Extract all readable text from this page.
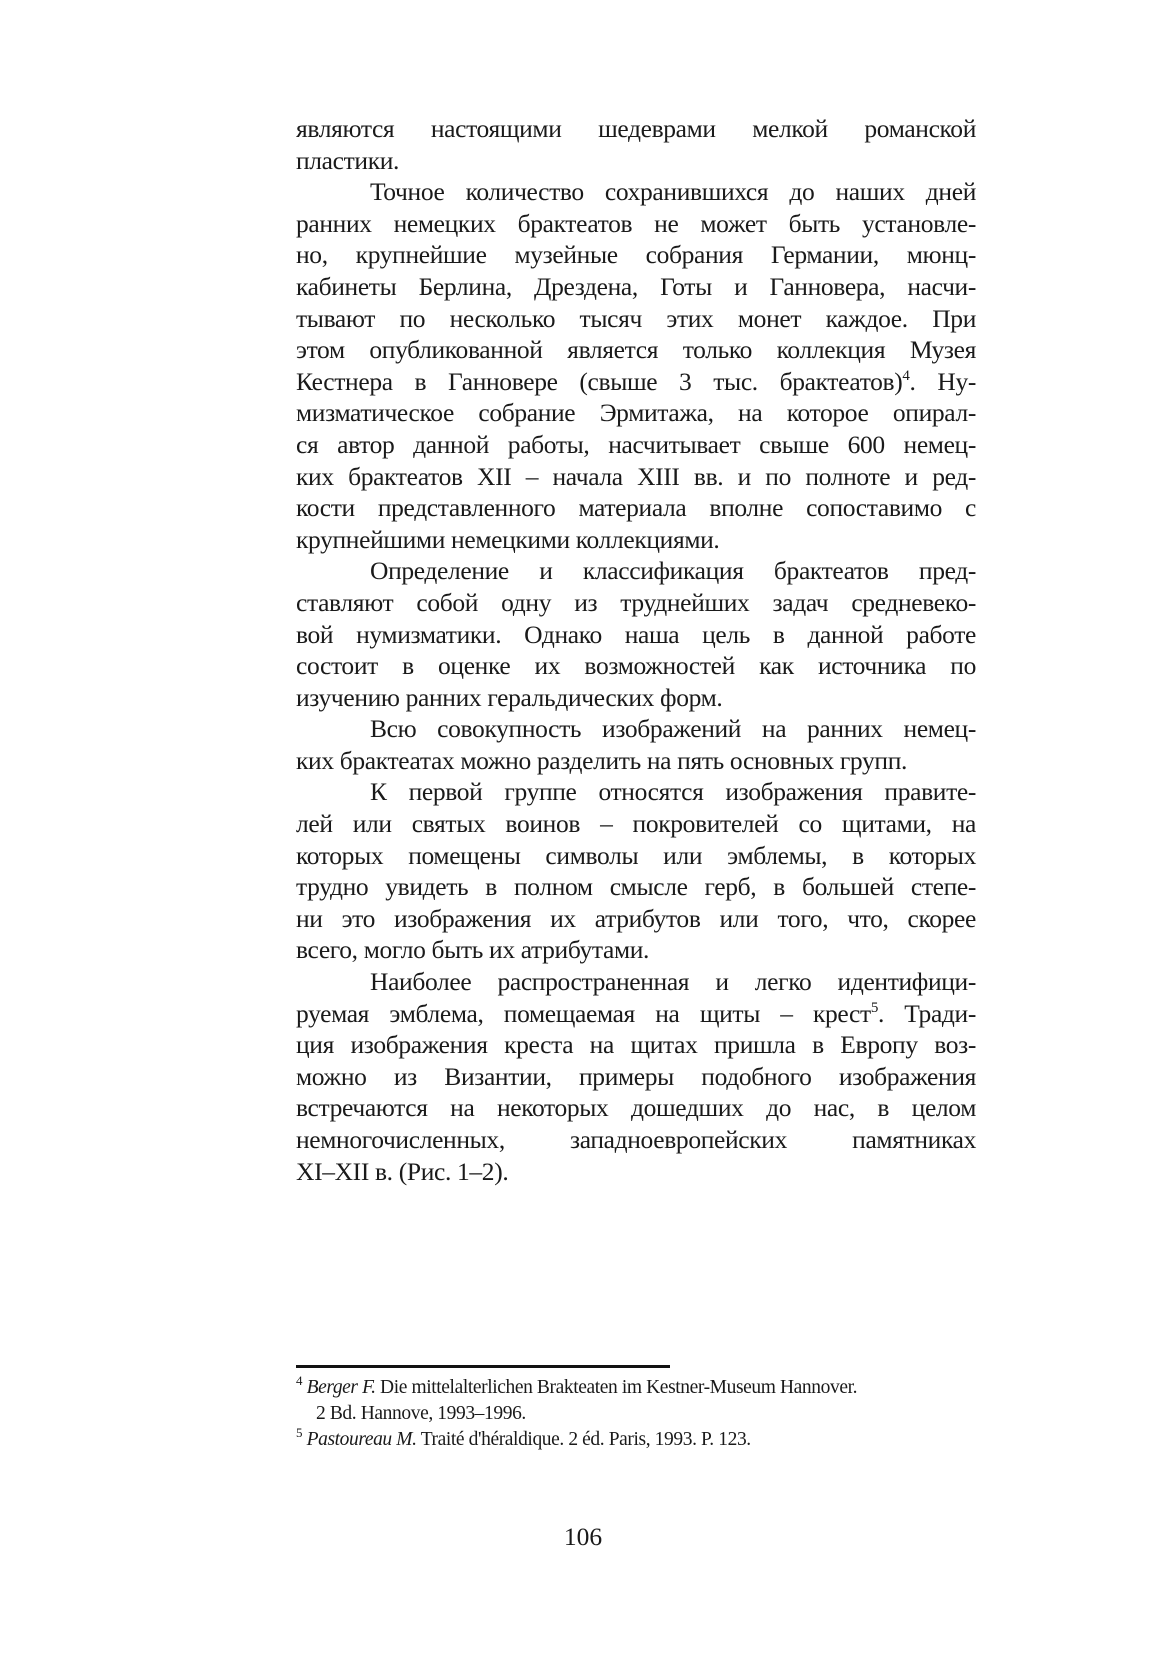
являются настоящими шедеврами мелкой романской
пластики.
Точное количество сохранившихся до наших дней
ранних немецких брактеатов не может быть установле-
но, крупнейшие музейные собрания Германии, мюнц-
кабинеты Берлина, Дрездена, Готы и Ганновера, насчи-
тывают по несколько тысяч этих монет каждое. При
этом опубликованной является только коллекция Музея
Кестнера в Ганновере (свыше 3 тыс. брактеатов)$^4$. Ну-
мизматическое собрание Эрмитажа, на которое опирал-
ся автор данной работы, насчитывает свыше 600 немец-
ких брактеатов XII – начала XIII вв. и по полноте и ред-
кости представленного материала вполне сопоставимо с
крупнейшими немецкими коллекциями.
Определение и классификация брактеатов пред-
ставляют собой одну из труднейших задач средневеко-
вой нумизматики. Однако наша цель в данной работе
состоит в оценке их возможностей как источника по
изучению ранних геральдических форм.
Всю совокупность изображений на ранних немец-
ких брактеатах можно разделить на пять основных групп.
К первой группе относятся изображения правите-
лей или святых воинов – покровителей со щитами, на
которых помещены символы или эмблемы, в которых
трудно увидеть в полном смысле герб, в большей степе-
ни это изображения их атрибутов или того, что, скорее
всего, могло быть их атрибутами.
Наиболее распространенная и легко идентифици-
руемая эмблема, помещаемая на щиты – крест$^5$. Тради-
ция изображения креста на щитах пришла в Европу воз-
можно из Византии, примеры подобного изображения
встречаются на некоторых дошедших до нас, в целом
немногочисленных, западноевропейских памятниках
XI–XII в. (Рис. 1–2).
$^4$ Berger F. Die mittelalterlichen Brakteaten im Kestner-Museum Hannover.
2 Bd. Hannove, 1993–1996.
$^5$ Pastoureau M. Traité d'héraldique. 2 éd. Paris, 1993. P. 123.
106
